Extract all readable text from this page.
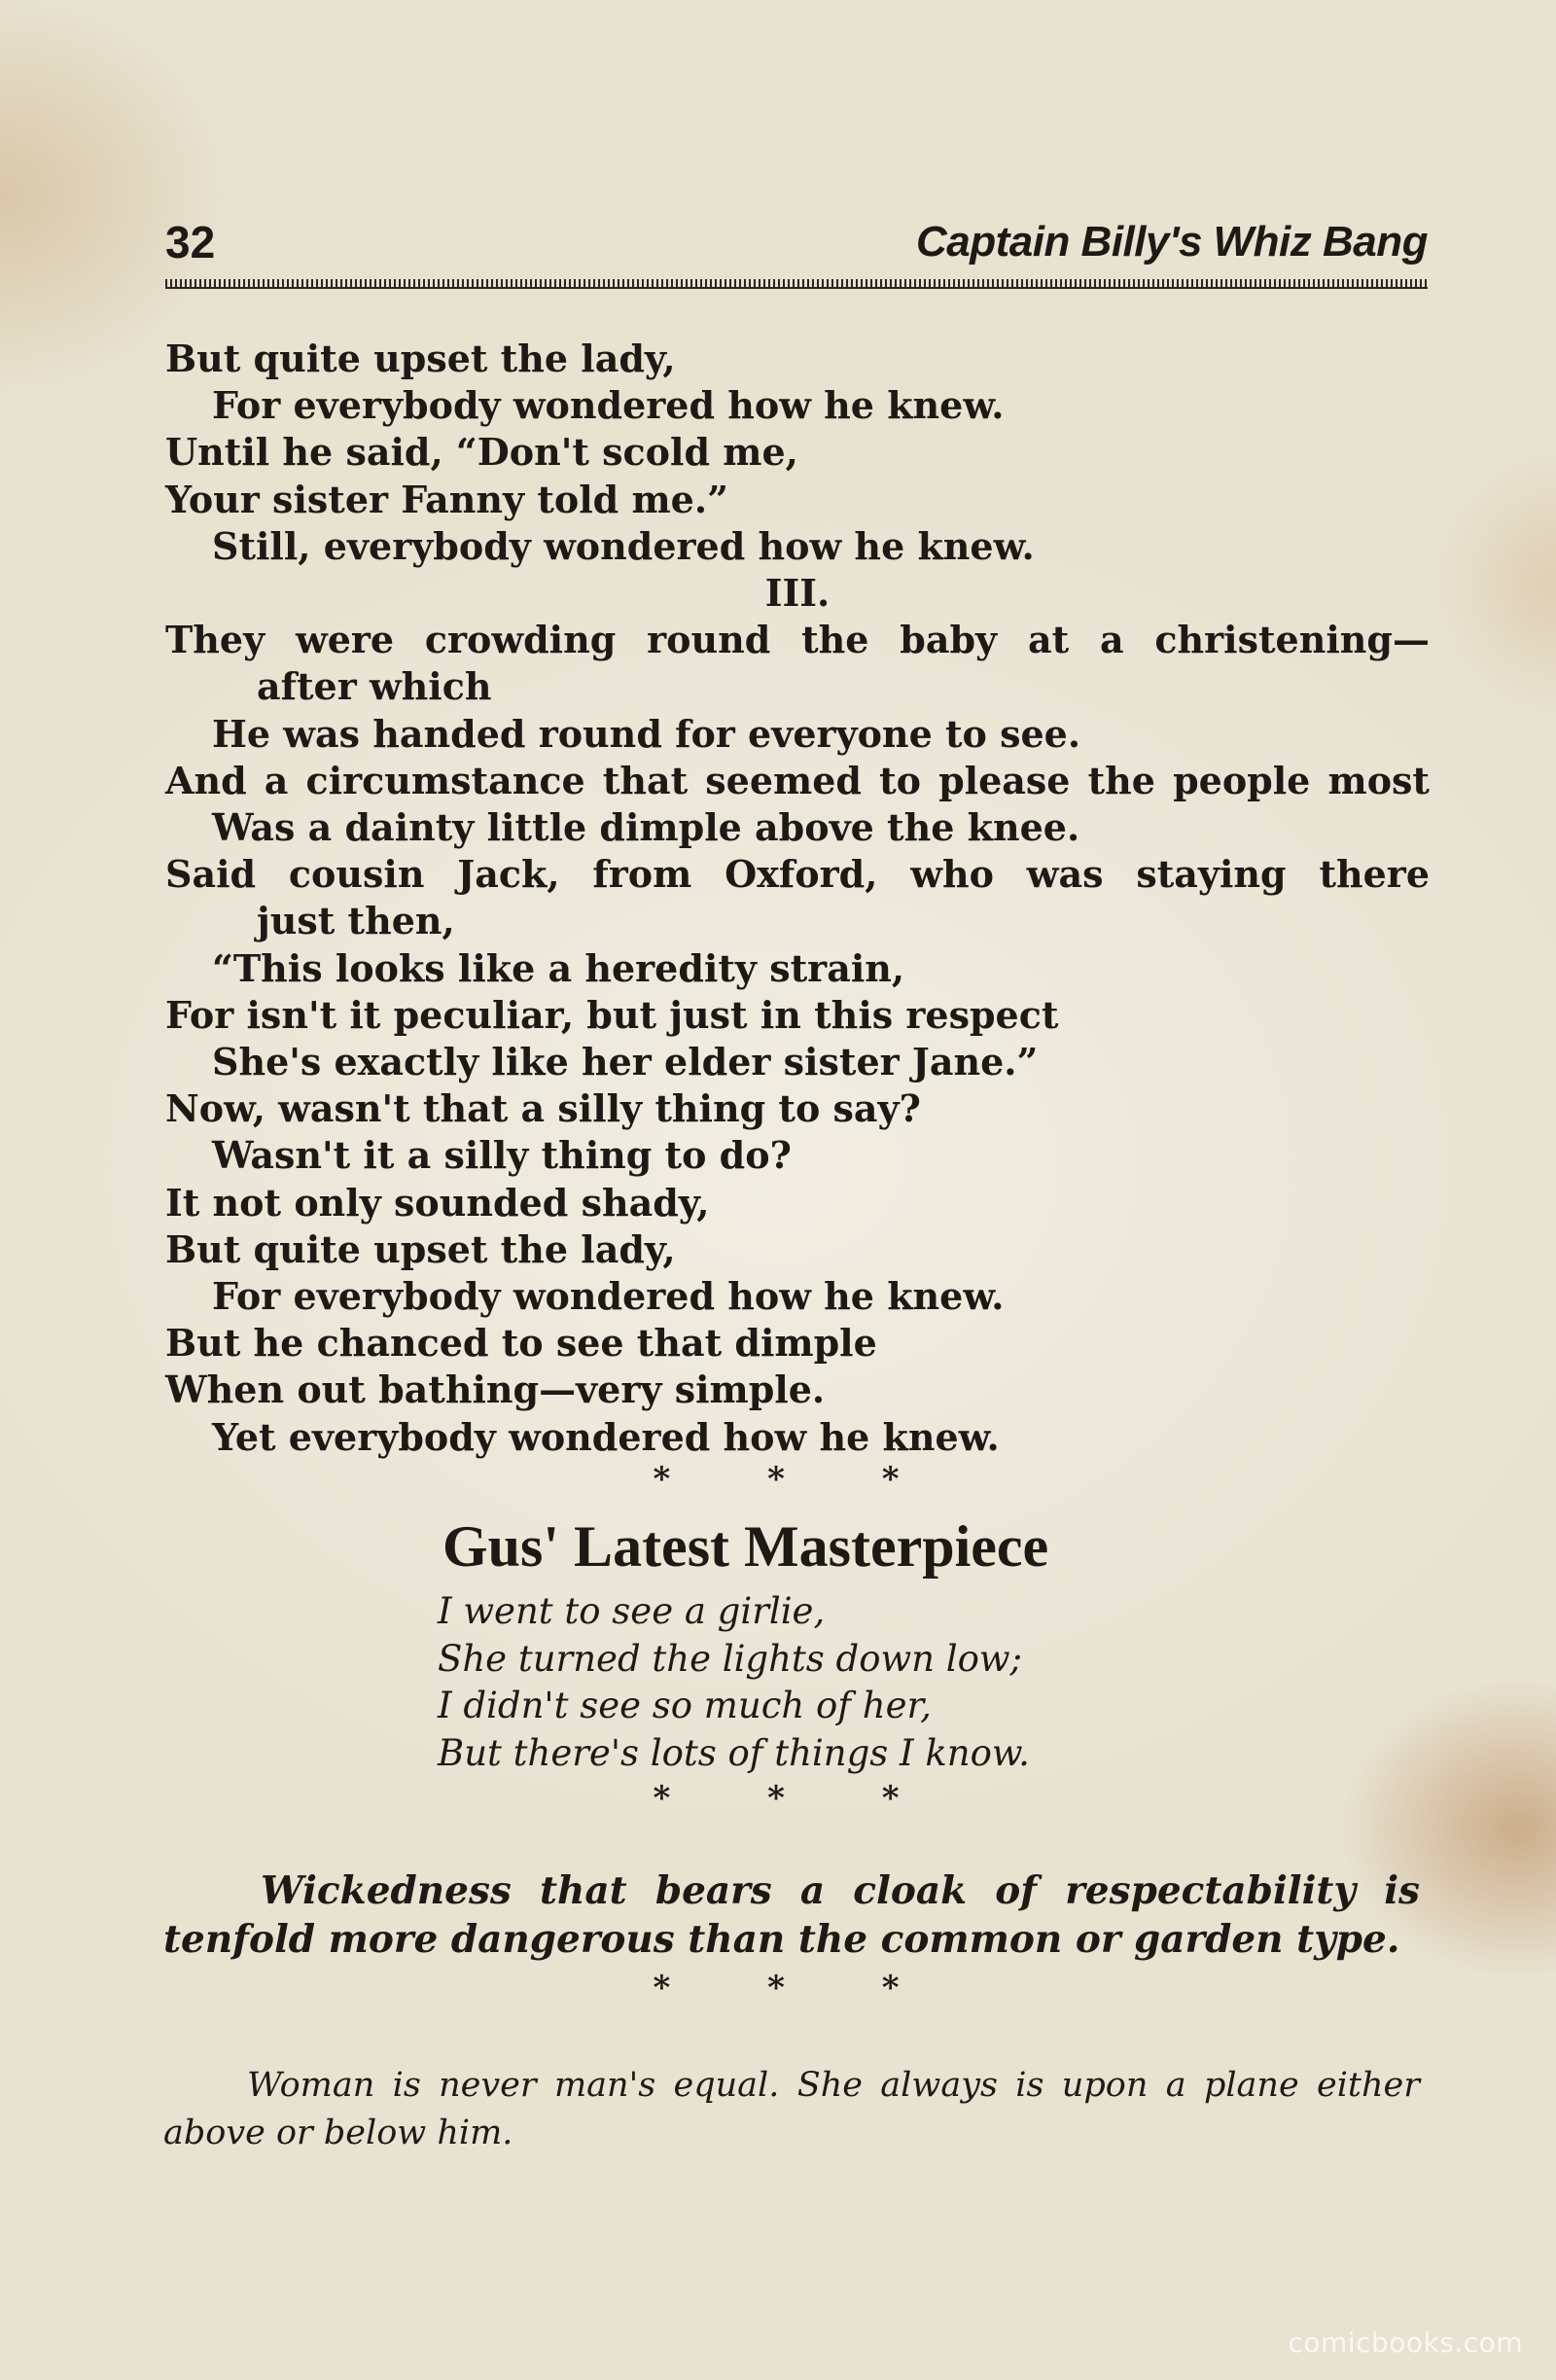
32	Captain Billy's Whiz Bang
But quite upset the lady,
For everybody wondered how he knew.
Until he said, “Don't scold me,
Your sister Fanny told me.”
Still, everybody wondered how he knew.
III.
They were crowding round the baby at a christening—
after which
He was handed round for everyone to see.
And a circumstance that seemed to please the people most
Was a dainty little dimple above the knee.
Said cousin Jack, from Oxford, who was staying there
just then,
“This looks like a heredity strain,
For isn't it peculiar, but just in this respect
She's exactly like her elder sister Jane.”
Now, wasn't that a silly thing to say?
Wasn't it a silly thing to do?
It not only sounded shady,
But quite upset the lady,
For everybody wondered how he knew.
But he chanced to see that dimple
When out bathing—very simple.
Yet everybody wondered how he knew.
* * *
Gus' Latest Masterpiece
I went to see a girlie,
She turned the lights down low;
I didn't see so much of her,
But there's lots of things I know.
* * *

Wickedness that bears a cloak of respectability is tenfold more dangerous than the common or garden type.

* * *

Woman is never man's equal. She always is upon a plane either above or below him.

comicbooks.com
